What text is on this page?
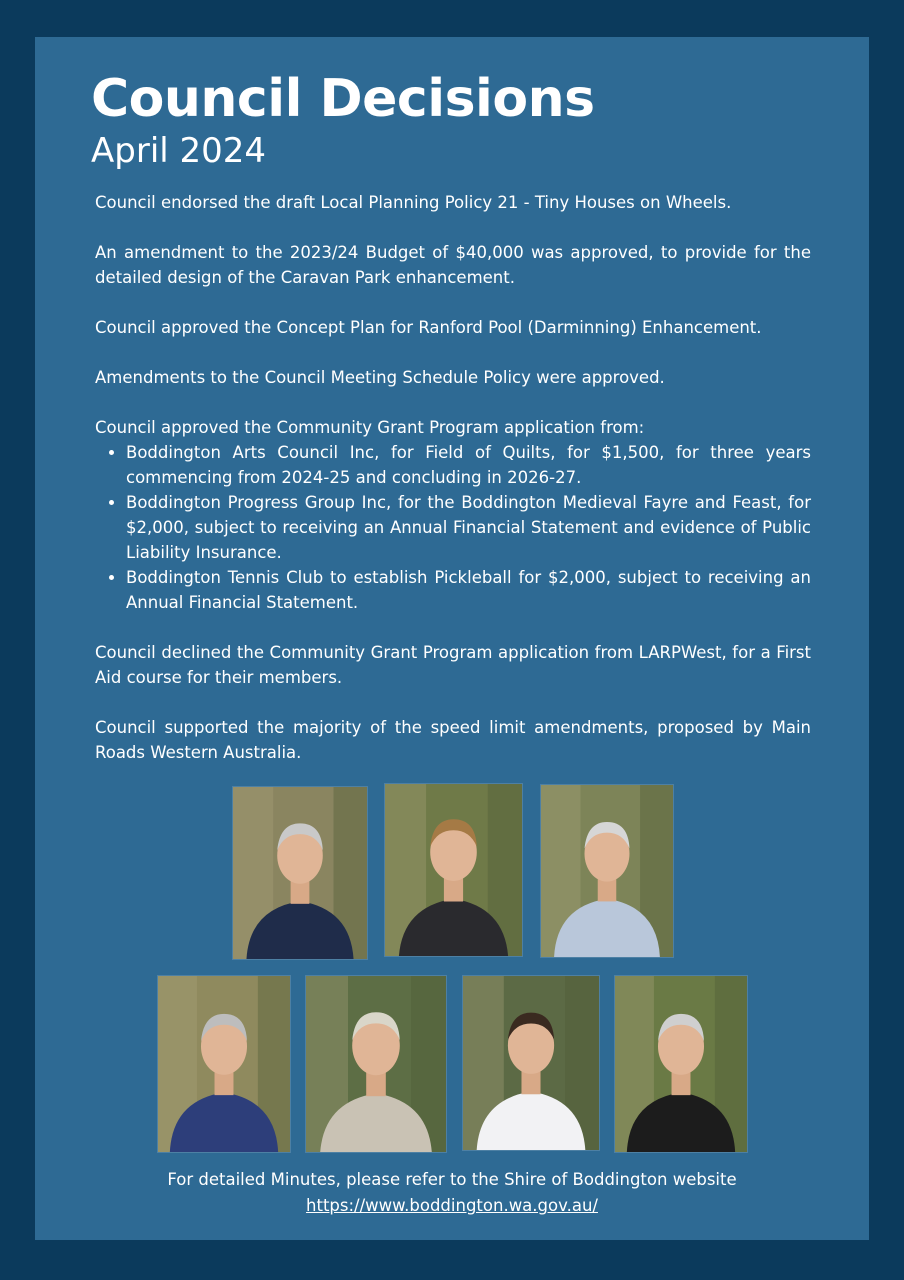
Council Decisions
April 2024

Council endorsed the draft Local Planning Policy 21 - Tiny Houses on Wheels.

An amendment to the 2023/24 Budget of $40,000 was approved, to provide for the detailed design of the Caravan Park enhancement.

Council approved the Concept Plan for Ranford Pool (Darminning) Enhancement.

Amendments to the Council Meeting Schedule Policy were approved.

Council approved the Community Grant Program application from:

• Boddington Arts Council Inc, for Field of Quilts, for $1,500, for three years commencing from 2024-25 and concluding in 2026-27.
• Boddington Progress Group Inc, for the Boddington Medieval Fayre and Feast, for $2,000, subject to receiving an Annual Financial Statement and evidence of Public Liability Insurance.
• Boddington Tennis Club to establish Pickleball for $2,000, subject to receiving an Annual Financial Statement.

Council declined the Community Grant Program application from LARPWest, for a First Aid course for their members.

Council supported the majority of the speed limit amendments, proposed by Main Roads Western Australia.

For detailed Minutes, please refer to the Shire of Boddington website
https://www.boddington.wa.gov.au/
